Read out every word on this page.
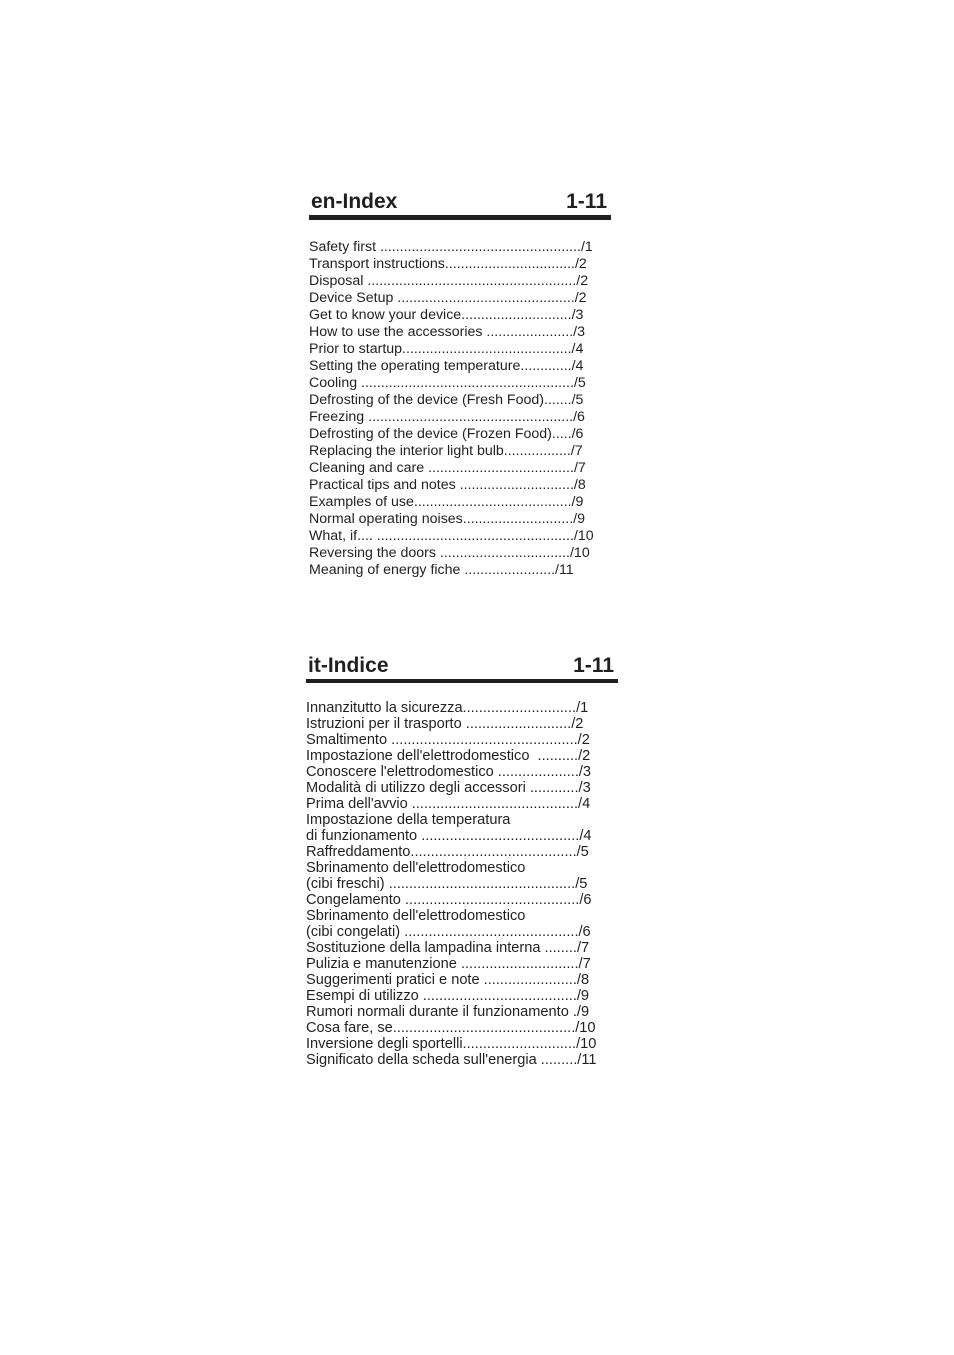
en-Index	1-11
Safety first .................................................../1
Transport instructions................................./2
Disposal ...................................................../2
Device Setup ............................................./2
Get to know your device............................/3
How to use the accessories ....................../3
Prior to startup.........................................../4
Setting the operating temperature............./4
Cooling ....................................................../5
Defrosting of the device (Fresh Food)......./5
Freezing ..................................................../6
Defrosting of the device (Frozen Food)...../6
Replacing the interior light bulb................./7
Cleaning and care ...................................../7
Practical tips and notes ............................./8
Examples of use......................................../9
Normal operating noises............................/9
What, if.... ................................................../10
Reversing the doors ................................./10
Meaning of energy fiche ......................./11
it-Indice	1-11
Innanzitutto la sicurezza............................/1
Istruzioni per il trasporto ........................../2
Smaltimento ............................................../2
Impostazione dell'elettrodomestico  ........../2
Conoscere l'elettrodomestico ..................../3
Modalità di utilizzo degli accessori ............/3
Prima dell'avvio ........................................./4
Impostazione della temperatura
di funzionamento ......................................./4
Raffreddamento........................................./5
Sbrinamento dell'elettrodomestico
(cibi freschi) ............................................../5
Congelamento .........................................../6
Sbrinamento dell'elettrodomestico
(cibi congelati) .........................................../6
Sostituzione della lampadina interna ......../7
Pulizia e manutenzione ............................./7
Suggerimenti pratici e note ......................./8
Esempi di utilizzo ....................................../9
Rumori normali durante il funzionamento ./9
Cosa fare, se............................................./10
Inversione degli sportelli............................/10
Significato della scheda sull'energia ........./11
